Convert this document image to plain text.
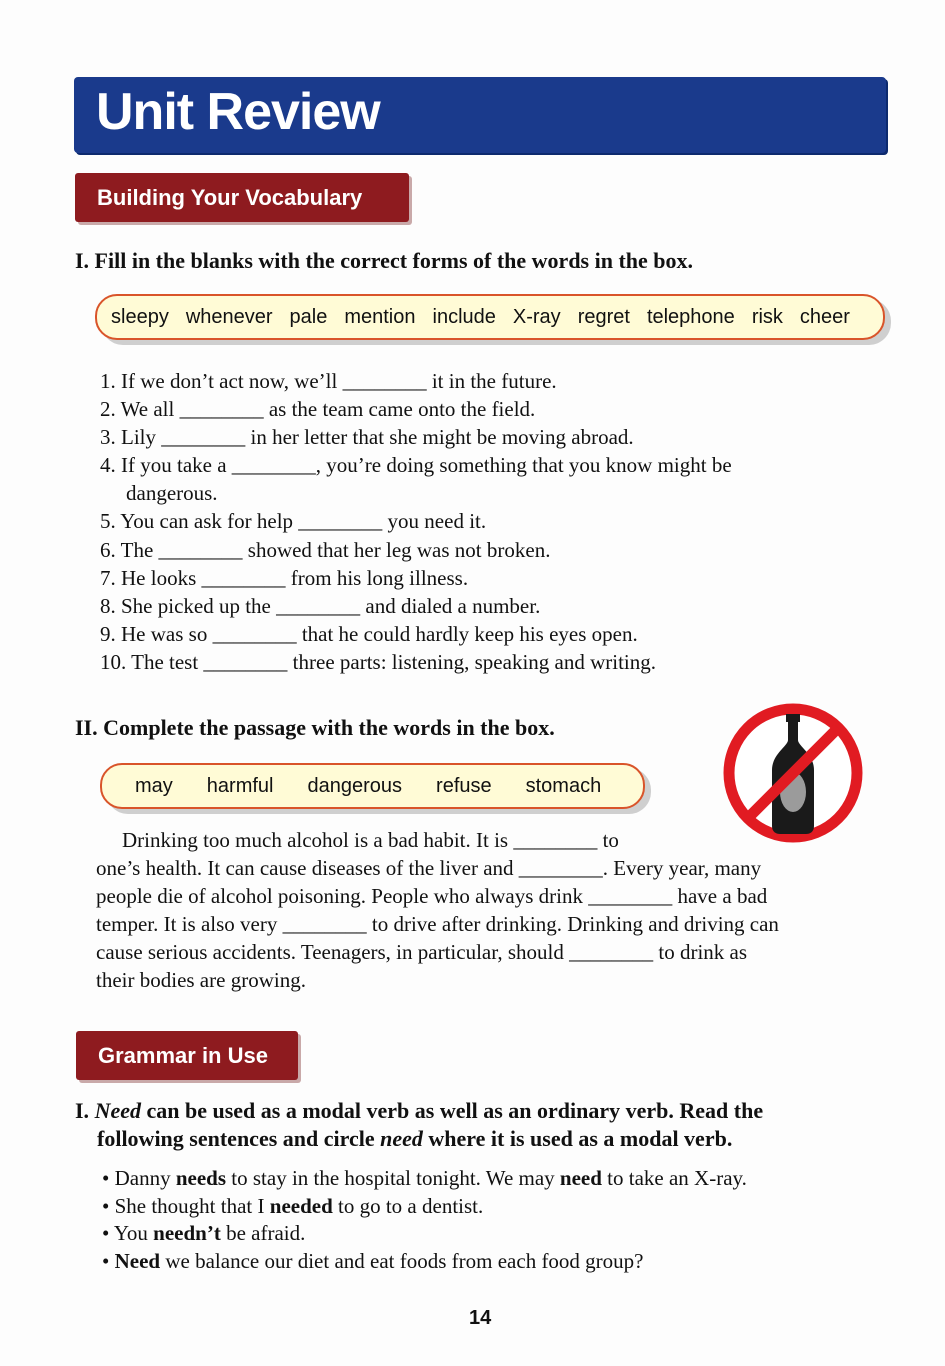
Unit Review
Building Your Vocabulary
I. Fill in the blanks with the correct forms of the words in the box.
sleepy whenever pale mention include X-ray regret telephone risk cheer
1. If we don’t act now, we’ll ________ it in the future.
2. We all ________ as the team came onto the field.
3. Lily ________ in her letter that she might be moving abroad.
4. If you take a ________, you’re doing something that you know might be
dangerous.
5. You can ask for help ________ you need it.
6. The ________ showed that her leg was not broken.
7. He looks ________ from his long illness.
8. She picked up the ________ and dialed a number.
9. He was so ________ that he could hardly keep his eyes open.
10. The test ________ three parts: listening, speaking and writing.
II. Complete the passage with the words in the box.
may harmful dangerous refuse stomach
Drinking too much alcohol is a bad habit. It is ________ to
one’s health. It can cause diseases of the liver and ________. Every year, many
people die of alcohol poisoning. People who always drink ________ have a bad
temper. It is also very ________ to drive after drinking. Drinking and driving can
cause serious accidents. Teenagers, in particular, should ________ to drink as
their bodies are growing.
Grammar in Use
I. Need can be used as a modal verb as well as an ordinary verb. Read the
following sentences and circle need where it is used as a modal verb.
• Danny needs to stay in the hospital tonight. We may need to take an X-ray.
• She thought that I needed to go to a dentist.
• You needn’t be afraid.
• Need we balance our diet and eat foods from each food group?
14
